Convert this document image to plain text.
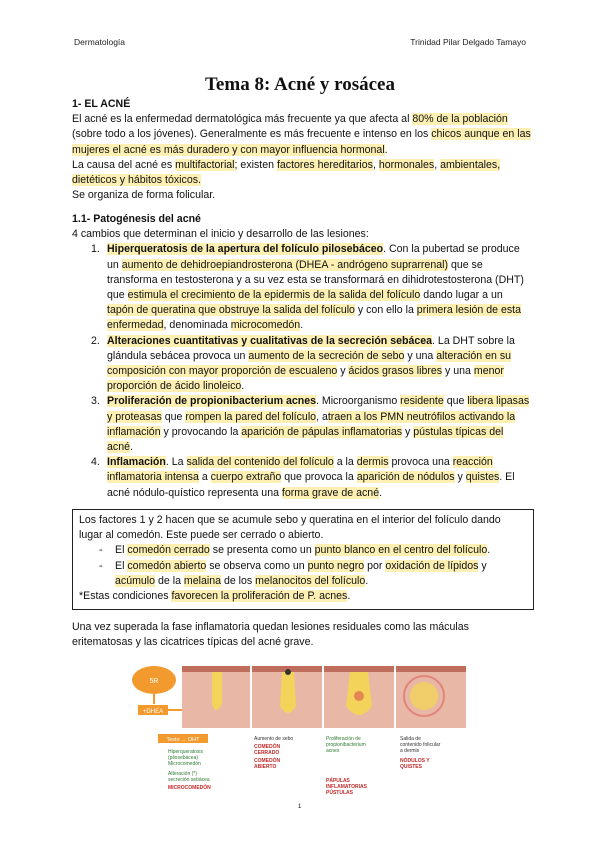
Dermatología	Trinidad Pilar Delgado Tamayo
Tema 8: Acné y rosácea
1- EL ACNÉ
El acné es la enfermedad dermatológica más frecuente ya que afecta al 80% de la población (sobre todo a los jóvenes). Generalmente es más frecuente e intenso en los chicos aunque en las mujeres el acné es más duradero y con mayor influencia hormonal.
La causa del acné es multifactorial; existen factores hereditarios, hormonales, ambientales, dietéticos y hábitos tóxicos.
Se organiza de forma folicular.
1.1- Patogénesis del acné
4 cambios que determinan el inicio y desarrollo de las lesiones:
1. Hiperqueratosis de la apertura del folículo pilosebáceo. Con la pubertad se produce un aumento de dehidroepiandrosterona (DHEA - andrógeno suprarrenal) que se transforma en testosterona y a su vez esta se transformará en dihidrotestosterona (DHT) que estimula el crecimiento de la epidermis de la salida del folículo dando lugar a un tapón de queratina que obstruye la salida del folículo y con ello la primera lesión de esta enfermedad, denominada microcomedón.
2. Alteraciones cuantitativas y cualitativas de la secreción sebácea. La DHT sobre la glándula sebácea provoca un aumento de la secreción de sebo y una alteración en su composición con mayor proporción de escualeno y ácidos grasos libres y una menor proporción de ácido linoleico.
3. Proliferación de propionibacterium acnes. Microorganismo residente que libera lipasas y proteasas que rompen la pared del folículo, atraen a los PMN neutrófilos activando la inflamación y provocando la aparición de pápulas inflamatorias y pústulas típicas del acné.
4. Inflamación. La salida del contenido del folículo a la dermis provoca una reacción inflamatoria intensa a cuerpo extraño que provoca la aparición de nódulos y quistes. El acné nódulo-quístico representa una forma grave de acné.
Los factores 1 y 2 hacen que se acumule sebo y queratina en el interior del folículo dando lugar al comedón. Este puede ser cerrado o abierto.
- El comedón cerrado se presenta como un punto blanco en el centro del folículo.
- El comedón abierto se observa como un punto negro por oxidación de lípidos y acúmulo de la melaina de los melanocitos del folículo.
*Estas condiciones favorecen la proliferación de P. acnes.
Una vez superada la fase inflamatoria quedan lesiones residuales como las máculas eritematosas y las cicatrices típicas del acné grave.
5R
+DHEA
Testo → DHT
Hiperqueratosis
(pilosebácea)
Microcomedón
Alteración (*)
secreción sebácea
MICROCOMEDÓN
Aumento de sebo
COMEDÓN
CERRADO
COMEDÓN
ABIERTO
Proliferación de
propionibacterium
acnes
PÁPULAS
INFLAMATORIAS
PÚSTULAS
Salida de
contenido folicular
a dermis
NÓDULOS Y
QUISTES
1
